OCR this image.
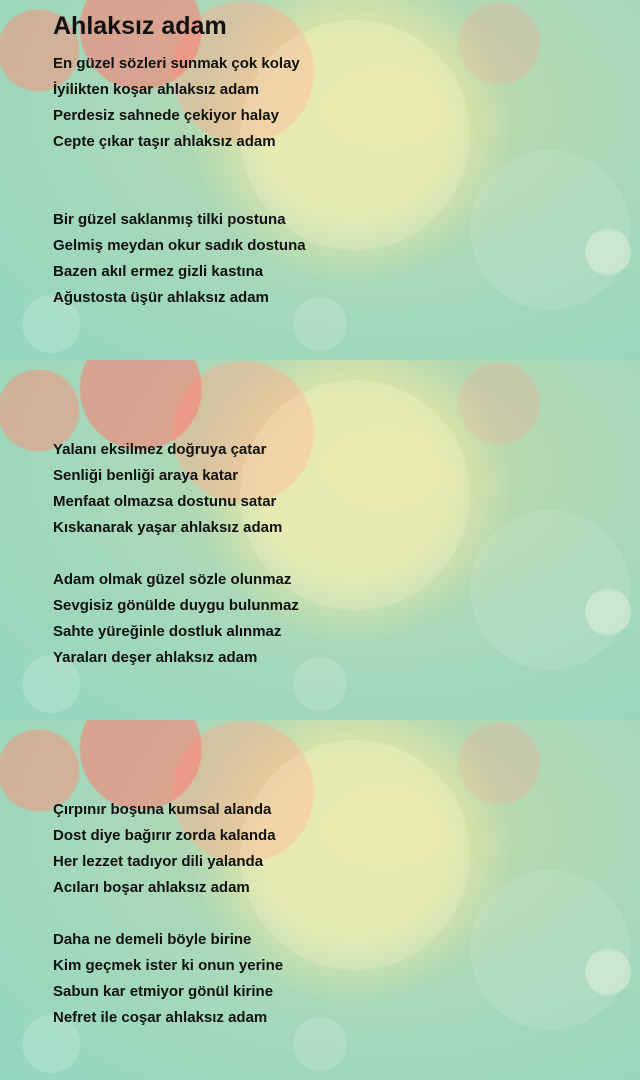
Ahlaksız adam
En güzel sözleri sunmak çok kolay
İyilikten koşar ahlaksız adam
Perdesiz sahnede çekiyor halay
Cepte çıkar taşır ahlaksız adam
Bir güzel saklanmış tilki postuna
Gelmiş meydan okur sadık dostuna
Bazen akıl ermez gizli kastına
Ağustosta üşür ahlaksız adam
Yalanı eksilmez doğruya çatar
Senliği benliği araya katar
Menfaat olmazsa dostunu satar
Kıskanarak yaşar ahlaksız adam
Adam olmak güzel sözle olunmaz
Sevgisiz gönülde duygu bulunmaz
Sahte yüreğinle dostluk alınmaz
Yaraları deşer ahlaksız adam
Çırpınır boşuna kumsal alanda
Dost diye bağırır zorda kalanda
Her lezzet tadıyor dili yalanda
Acıları boşar ahlaksız adam
Daha ne demeli böyle birine
Kim geçmek ister ki onun yerine
Sabun kar etmiyor gönül kirine
Nefret ile coşar ahlaksız adam
